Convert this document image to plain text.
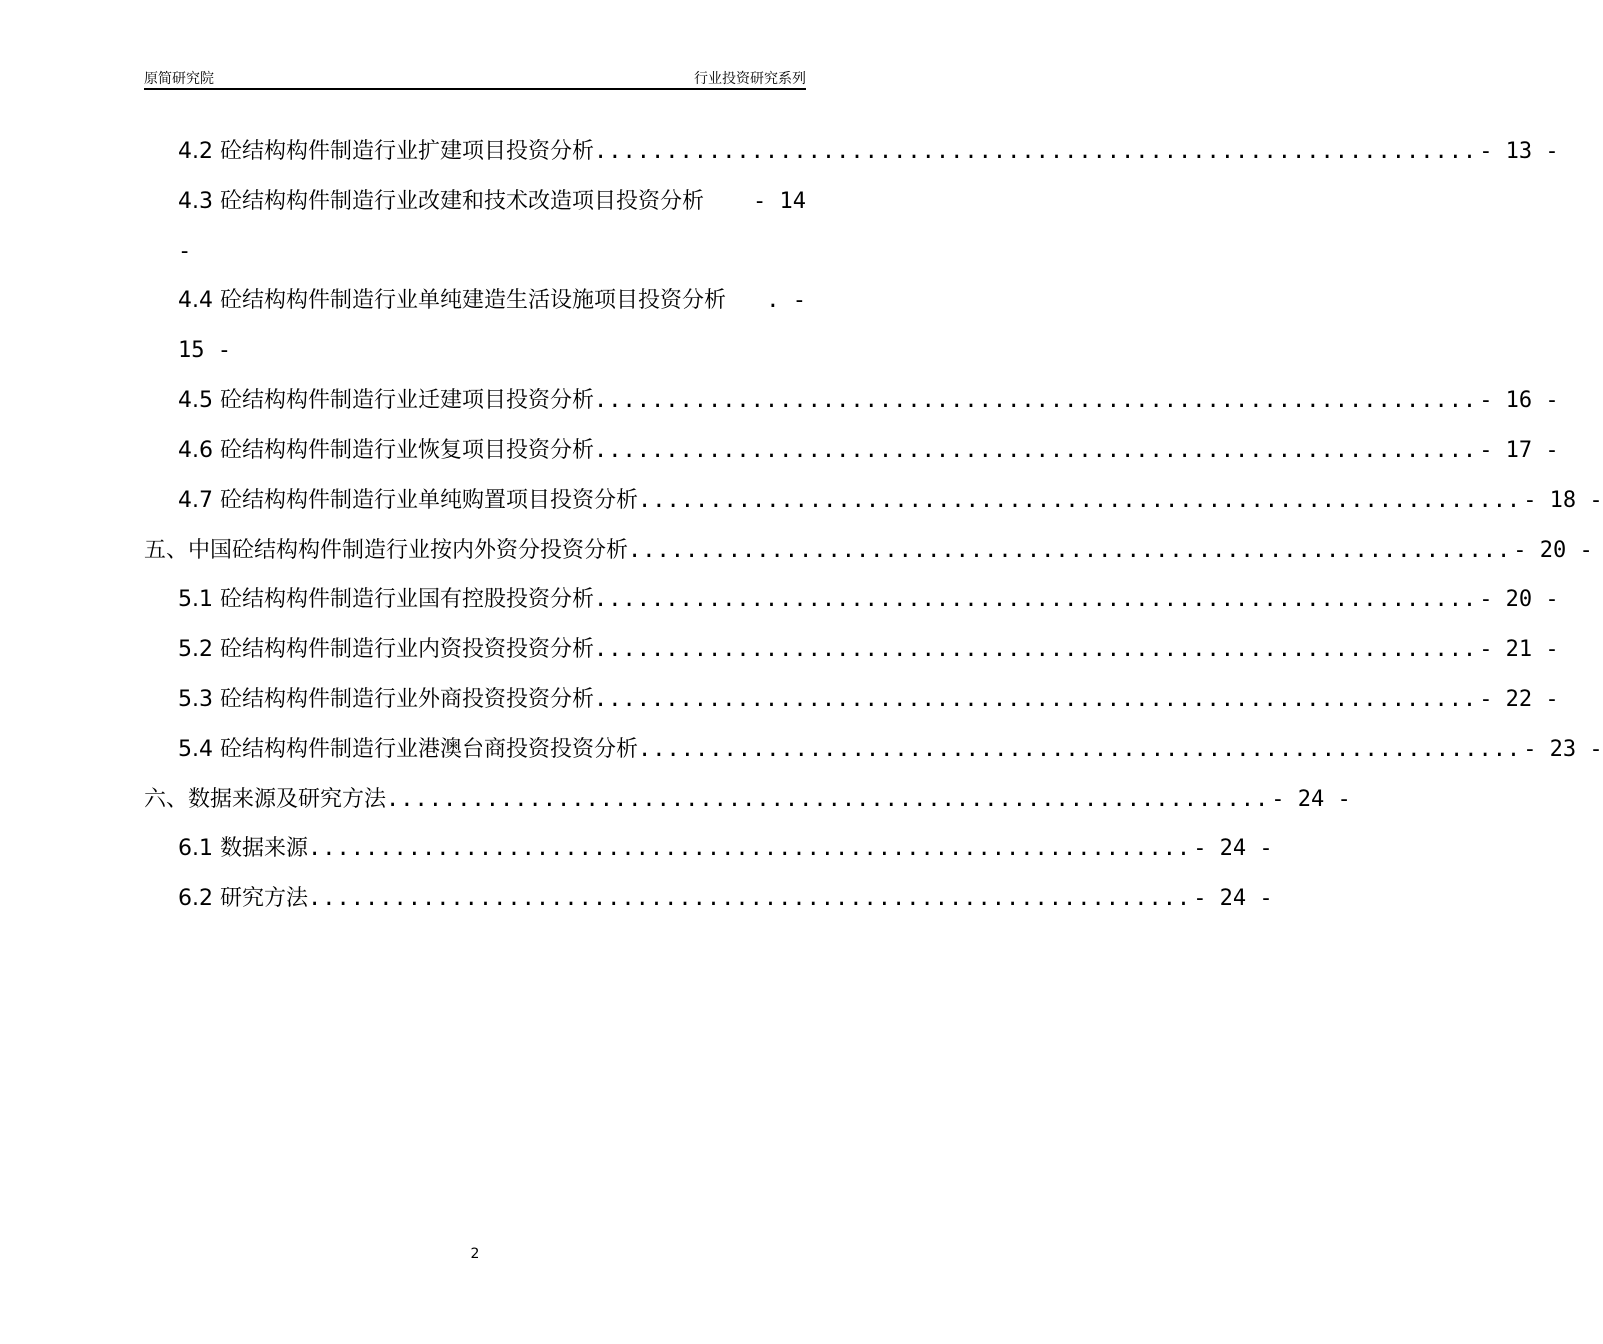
原简研究院	行业投资研究系列
4.2 砼结构构件制造行业扩建项目投资分析 .............................................................. - 13 -
4.3 砼结构构件制造行业改建和技术改造项目投资分析 - 14
-
4.4 砼结构构件制造行业单纯建造生活设施项目投资分析 . -
15 -
4.5 砼结构构件制造行业迁建项目投资分析 .............................................................. - 16 -
4.6 砼结构构件制造行业恢复项目投资分析 .............................................................. - 17 -
4.7 砼结构构件制造行业单纯购置项目投资分析 .............................................................. - 18 -
五、中国砼结构构件制造行业按内外资分投资分析 .............................................................. - 20 -
5.1 砼结构构件制造行业国有控股投资分析 .............................................................. - 20 -
5.2 砼结构构件制造行业内资投资投资分析 .............................................................. - 21 -
5.3 砼结构构件制造行业外商投资投资分析 .............................................................. - 22 -
5.4 砼结构构件制造行业港澳台商投资投资分析 .............................................................. - 23 -
六、数据来源及研究方法 .............................................................. - 24 -
6.1 数据来源 .............................................................. - 24 -
6.2 研究方法 .............................................................. - 24 -
2
